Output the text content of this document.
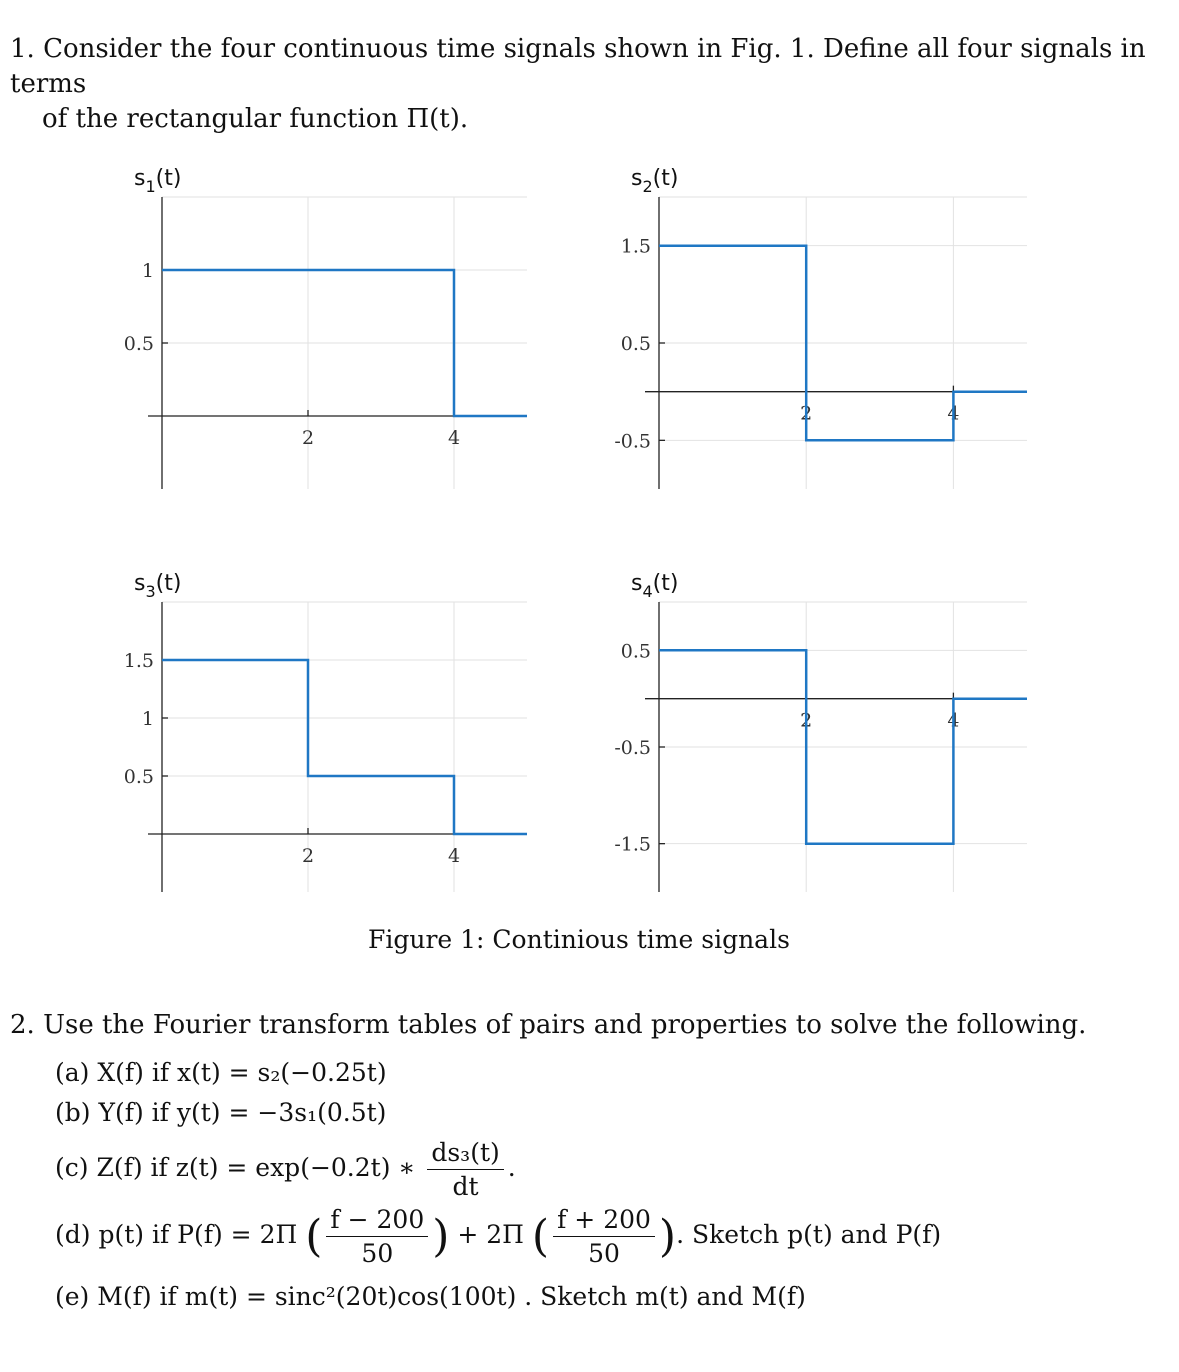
1. Consider the four continuous time signals shown in Fig. 1. Define all four signals in terms
of the rectangular function Π(t).
1
0.5
2	4
$s_1(t)$
1.5
0.5
-0.5
2	4
$s_2(t)$
1.5
1
0.5
2	4
$s_3(t)$
0.5
-0.5
-1.5
2	4
$s_4(t)$
Figure 1: Continious time signals
2. Use the Fourier transform tables of pairs and properties to solve the following.
(a) X(f) if x(t) = s₂(−0.25t)
(b) Y(f) if y(t) = −3s₁(0.5t)
(c) Z(f) if z(t) = exp(−0.2t) ∗ $\frac{\text{ds₃(t)}}{dt}$ .
(d) p(t) if P(f) = 2Π ( $\frac{f - 200}{50}$ ) + 2Π ( $\frac{f + 200}{50}$ ). Sketch p(t) and P(f)
(e) M(f) if m(t) = sinc²(20t)cos(100t) . Sketch m(t) and M(f)
